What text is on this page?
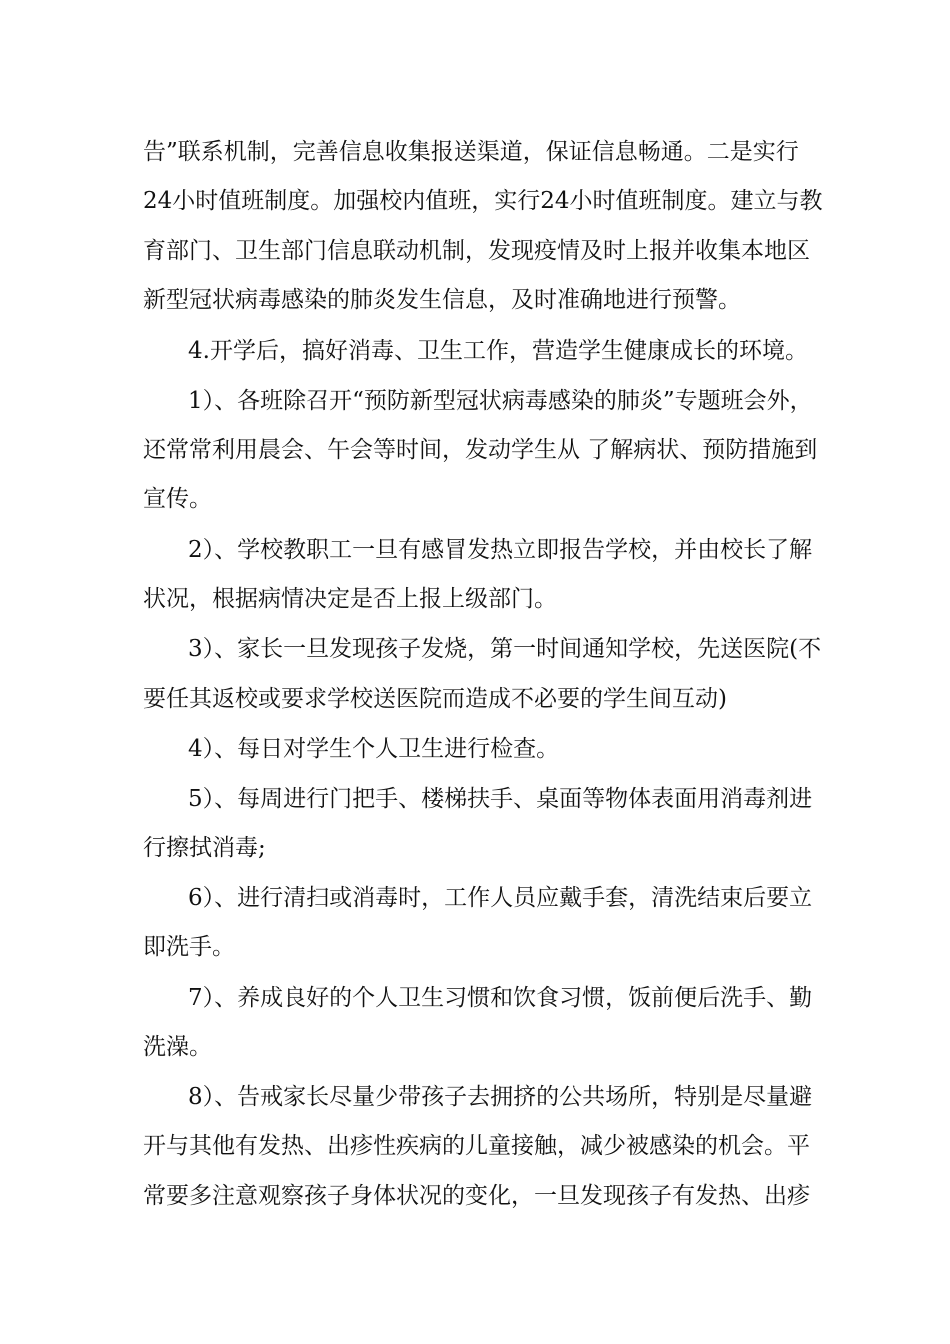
告”联系机制，完善信息收集报送渠道，保证信息畅通。二是实行
24小时值班制度。加强校内值班，实行24小时值班制度。建立与教
育部门、卫生部门信息联动机制，发现疫情及时上报并收集本地区
新型冠状病毒感染的肺炎发生信息，及时准确地进行预警。
4.开学后，搞好消毒、卫生工作，营造学生健康成长的环境。
1）、各班除召开“预防新型冠状病毒感染的肺炎”专题班会外，
还常常利用晨会、午会等时间，发动学生从 了解病状、预防措施到
宣传。
2）、学校教职工一旦有感冒发热立即报告学校，并由校长了解
状况，根据病情决定是否上报上级部门。
3）、家长一旦发现孩子发烧，第一时间通知学校，先送医院(不
要任其返校或要求学校送医院而造成不必要的学生间互动)
4）、每日对学生个人卫生进行检查。
5）、每周进行门把手、楼梯扶手、桌面等物体表面用消毒剂进
行擦拭消毒;
6）、进行清扫或消毒时，工作人员应戴手套，清洗结束后要立
即洗手。
7）、养成良好的个人卫生习惯和饮食习惯，饭前便后洗手、勤
洗澡。
8）、告戒家长尽量少带孩子去拥挤的公共场所，特别是尽量避
开与其他有发热、出疹性疾病的儿童接触，减少被感染的机会。平
常要多注意观察孩子身体状况的变化，一旦发现孩子有发热、出疹
